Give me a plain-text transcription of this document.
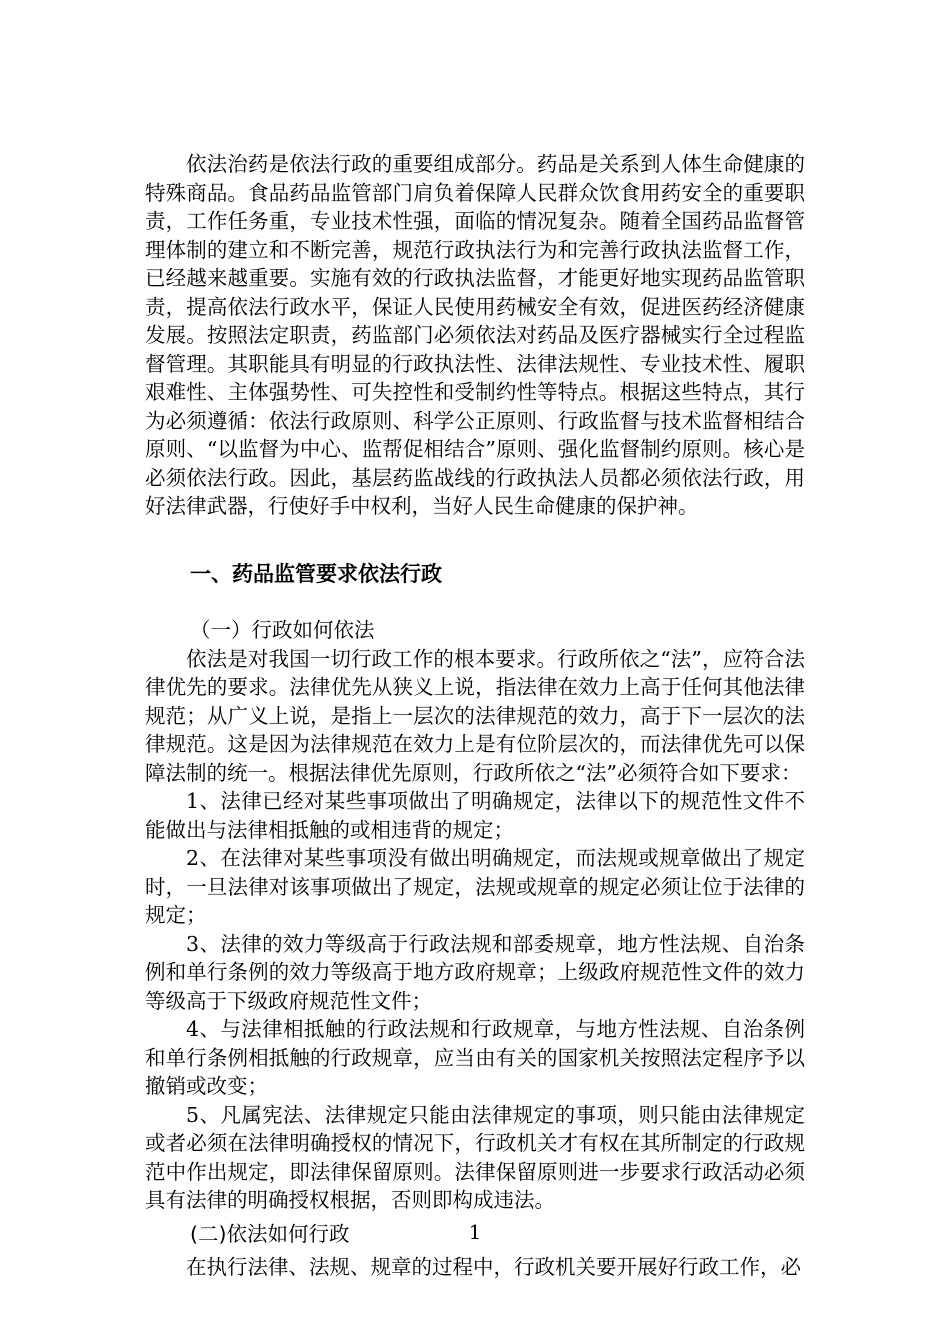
依法治药是依法行政的重要组成部分。药品是关系到人体生命健康的特殊商品。食品药品监管部门肩负着保障人民群众饮食用药安全的重要职责，工作任务重，专业技术性强，面临的情况复杂。随着全国药品监督管理体制的建立和不断完善，规范行政执法行为和完善行政执法监督工作，已经越来越重要。实施有效的行政执法监督，才能更好地实现药品监管职责，提高依法行政水平，保证人民使用药械安全有效，促进医药经济健康发展。按照法定职责，药监部门必须依法对药品及医疗器械实行全过程监督管理。其职能具有明显的行政执法性、法律法规性、专业技术性、履职艰难性、主体强势性、可失控性和受制约性等特点。根据这些特点，其行为必须遵循：依法行政原则、科学公正原则、行政监督与技术监督相结合原则、“以监督为中心、监帮促相结合”原则、强化监督制约原则。核心是必须依法行政。因此，基层药监战线的行政执法人员都必须依法行政，用好法律武器，行使好手中权利，当好人民生命健康的保护神。

一、药品监管要求依法行政
（一）行政如何依法

依法是对我国一切行政工作的根本要求。行政所依之“法”，应符合法律优先的要求。法律优先从狭义上说，指法律在效力上高于任何其他法律规范；从广义上说，是指上一层次的法律规范的效力，高于下一层次的法律规范。这是因为法律规范在效力上是有位阶层次的，而法律优先可以保障法制的统一。根据法律优先原则，行政所依之“法”必须符合如下要求：

1、法律已经对某些事项做出了明确规定，法律以下的规范性文件不能做出与法律相抵触的或相违背的规定；

2、在法律对某些事项没有做出明确规定，而法规或规章做出了规定时，一旦法律对该事项做出了规定，法规或规章的规定必须让位于法律的规定；

3、法律的效力等级高于行政法规和部委规章，地方性法规、自治条例和单行条例的效力等级高于地方政府规章；上级政府规范性文件的效力等级高于下级政府规范性文件；

4、与法律相抵触的行政法规和行政规章，与地方性法规、自治条例和单行条例相抵触的行政规章，应当由有关的国家机关按照法定程序予以撤销或改变；

5、凡属宪法、法律规定只能由法律规定的事项，则只能由法律规定或者必须在法律明确授权的情况下，行政机关才有权在其所制定的行政规范中作出规定，即法律保留原则。法律保留原则进一步要求行政活动必须具有法律的明确授权根据，否则即构成违法。

(二)依法如何行政

在执行法律、法规、规章的过程中，行政机关要开展好行政工作，必

1
